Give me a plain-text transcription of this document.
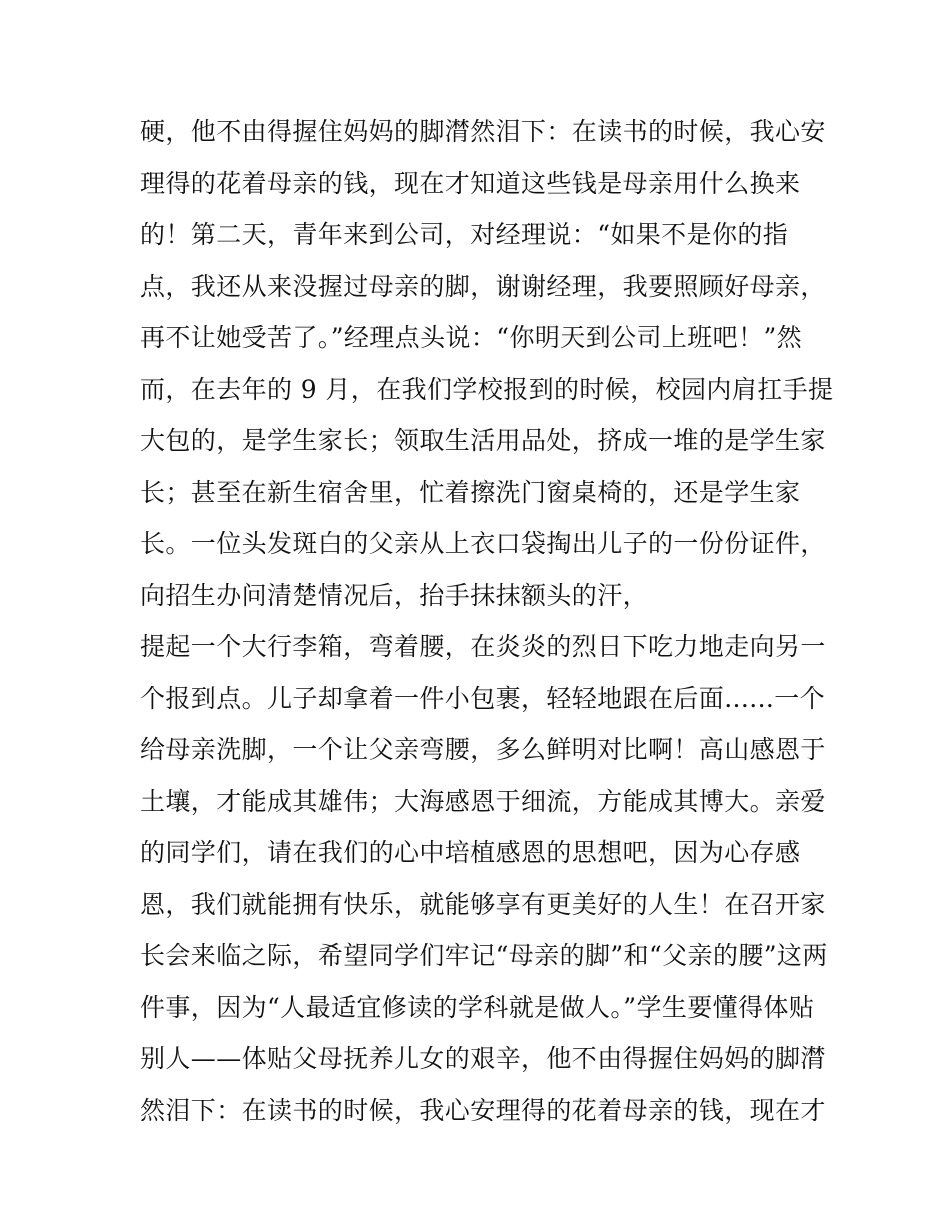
硬，他不由得握住妈妈的脚潸然泪下：在读书的时候，我心安
理得的花着母亲的钱，现在才知道这些钱是母亲用什么换来
的！第二天，青年来到公司，对经理说：“如果不是你的指
点，我还从来没握过母亲的脚，谢谢经理，我要照顾好母亲，
再不让她受苦了。”经理点头说：“你明天到公司上班吧！”然
而，在去年的 9 月，在我们学校报到的时候，校园内肩扛手提
大包的，是学生家长；领取生活用品处，挤成一堆的是学生家
长；甚至在新生宿舍里，忙着擦洗门窗桌椅的，还是学生家
长。一位头发斑白的父亲从上衣口袋掏出儿子的一份份证件，
向招生办问清楚情况后，抬手抹抹额头的汗，
提起一个大行李箱，弯着腰，在炎炎的烈日下吃力地走向另一
个报到点。儿子却拿着一件小包裹，轻轻地跟在后面......一个
给母亲洗脚，一个让父亲弯腰，多么鲜明对比啊！高山感恩于
土壤，才能成其雄伟；大海感恩于细流，方能成其博大。亲爱
的同学们，请在我们的心中培植感恩的思想吧，因为心存感
恩，我们就能拥有快乐，就能够享有更美好的人生！在召开家
长会来临之际，希望同学们牢记“母亲的脚”和“父亲的腰”这两
件事，因为“人最适宜修读的学科就是做人。”学生要懂得体贴
别人——体贴父母抚养儿女的艰辛，他不由得握住妈妈的脚潸
然泪下：在读书的时候，我心安理得的花着母亲的钱，现在才
